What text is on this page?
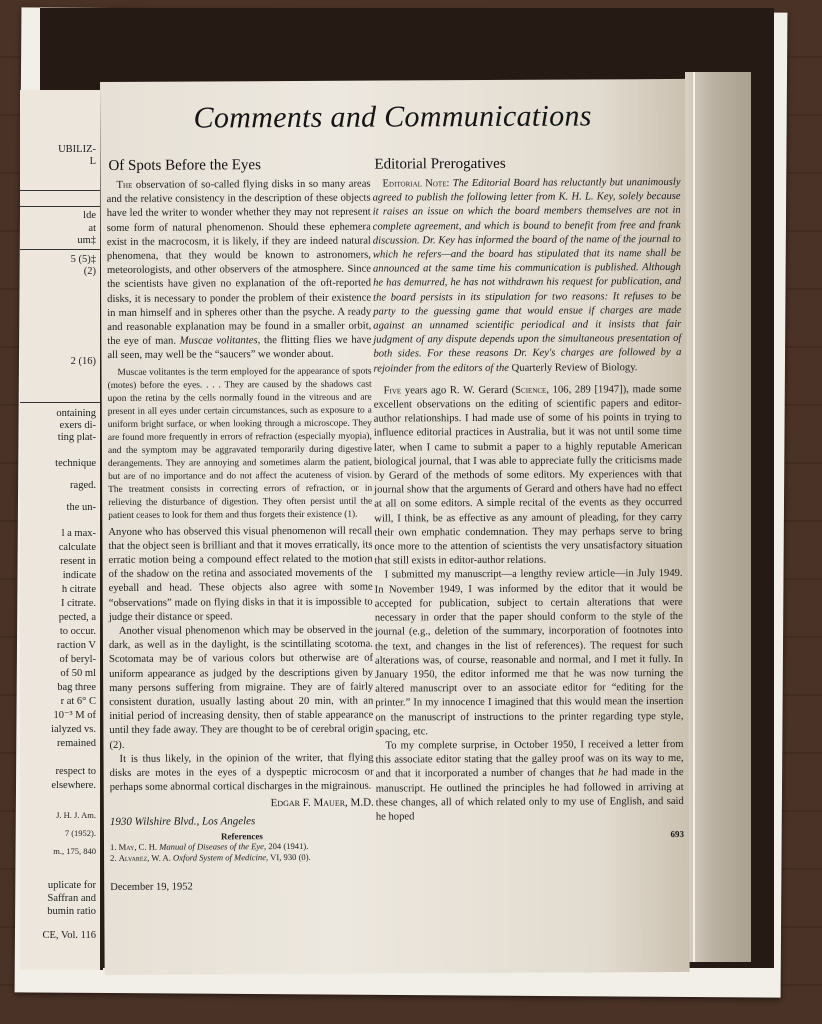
UBILIZ-
L
lde
at
um‡
5 (5)‡
(2)
2 (16)
ontaining
exers di-
ting plat-
technique
raged.
the un-
l a max-
calculate
resent in
indicate
h citrate
I citrate.
pected, a
to occur.
raction V
of beryl-
of 50 ml
bag three
r at 6° C
10⁻³ M of
ialyzed vs.
remained
respect to
elsewhere.
J. H. J. Am.
7 (1952).
m., 175, 840
uplicate for
Saffran and
bumin ratio
CE, Vol. 116
Comments and Communications
Of Spots Before the Eyes

The observation of so-called flying disks in so many areas and the relative consistency in the description of these objects have led the writer to wonder whether they may not represent some form of natural phenomenon. Should these ephemera exist in the macrocosm, it is likely, if they are indeed natural phenomena, that they would be known to astronomers, meteorologists, and other observers of the atmosphere. Since the scientists have given no explanation of the oft-reported disks, it is necessary to ponder the problem of their existence in man himself and in spheres other than the psyche. A ready and reasonable explanation may be found in a smaller orbit, the eye of man. Muscae volitantes, the flitting flies we have all seen, may well be the “saucers” we wonder about.

Muscae volitantes is the term employed for the appearance of spots (motes) before the eyes. . . . They are caused by the shadows cast upon the retina by the cells normally found in the vitreous and are present in all eyes under certain circumstances, such as exposure to a uniform bright surface, or when looking through a microscope. They are found more frequently in errors of refraction (especially myopia), and the symptom may be aggravated temporarily during digestive derangements. They are annoying and sometimes alarm the patient, but are of no importance and do not affect the acuteness of vision. The treatment consists in correcting errors of refraction, or in relieving the disturbance of digestion. They often persist until the patient ceases to look for them and thus forgets their existence (1).

Anyone who has observed this visual phenomenon will recall that the object seen is brilliant and that it moves erratically, its erratic motion being a compound effect related to the motion of the shadow on the retina and associated movements of the eyeball and head. These objects also agree with some “observations” made on flying disks in that it is impossible to judge their distance or speed.

Another visual phenomenon which may be observed in the dark, as well as in the daylight, is the scintillating scotoma. Scotomata may be of various colors but otherwise are of uniform appearance as judged by the descriptions given by many persons suffering from migraine. They are of fairly consistent duration, usually lasting about 20 min, with an initial period of increasing density, then of stable appearance until they fade away. They are thought to be of cerebral origin (2).

It is thus likely, in the opinion of the writer, that flying disks are motes in the eyes of a dyspeptic microcosm or perhaps some abnormal cortical discharges in the migrainous.

Edgar F. Mauer, M.D.
1930 Wilshire Blvd., Los Angeles
References
1. May, C. H. Manual of Diseases of the Eye, 204 (1941).
2. Alvarez, W. A. Oxford System of Medicine, VI, 930 (0).
December 19, 1952
Editorial Prerogatives
Editorial Note: The Editorial Board has reluctantly but unanimously agreed to publish the following letter from K. H. L. Key, solely because it raises an issue on which the board members themselves are not in complete agreement, and which is bound to benefit from free and frank discussion. Dr. Key has informed the board of the name of the journal to which he refers—and the board has stipulated that its name shall be announced at the same time his communication is published. Although he has demurred, he has not withdrawn his request for publication, and the board persists in its stipulation for two reasons: It refuses to be party to the guessing game that would ensue if charges are made against an unnamed scientific periodical and it insists that fair judgment of any dispute depends upon the simultaneous presentation of both sides. For these reasons Dr. Key's charges are followed by a rejoinder from the editors of the Quarterly Review of Biology.

Five years ago R. W. Gerard (Science, 106, 289 [1947]), made some excellent observations on the editing of scientific papers and editor-author relationships. I had made use of some of his points in trying to influence editorial practices in Australia, but it was not until some time later, when I came to submit a paper to a highly reputable American biological journal, that I was able to appreciate fully the criticisms made by Gerard of the methods of some editors. My experiences with that journal show that the arguments of Gerard and others have had no effect at all on some editors. A simple recital of the events as they occurred will, I think, be as effective as any amount of pleading, for they carry their own emphatic condemnation. They may perhaps serve to bring once more to the attention of scientists the very unsatisfactory situation that still exists in editor-author relations.

I submitted my manuscript—a lengthy review article—in July 1949. In November 1949, I was informed by the editor that it would be accepted for publication, subject to certain alterations that were necessary in order that the paper should conform to the style of the journal (e.g., deletion of the summary, incorporation of footnotes into the text, and changes in the list of references). The request for such alterations was, of course, reasonable and normal, and I met it fully. In January 1950, the editor informed me that he was now turning the altered manuscript over to an associate editor for “editing for the printer.” In my innocence I imagined that this would mean the insertion on the manuscript of instructions to the printer regarding type style, spacing, etc.

To my complete surprise, in October 1950, I received a letter from this associate editor stating that the galley proof was on its way to me, and that it incorporated a number of changes that he had made in the manuscript. He outlined the principles he had followed in arriving at these changes, all of which related only to my use of English, and said he hoped

693
